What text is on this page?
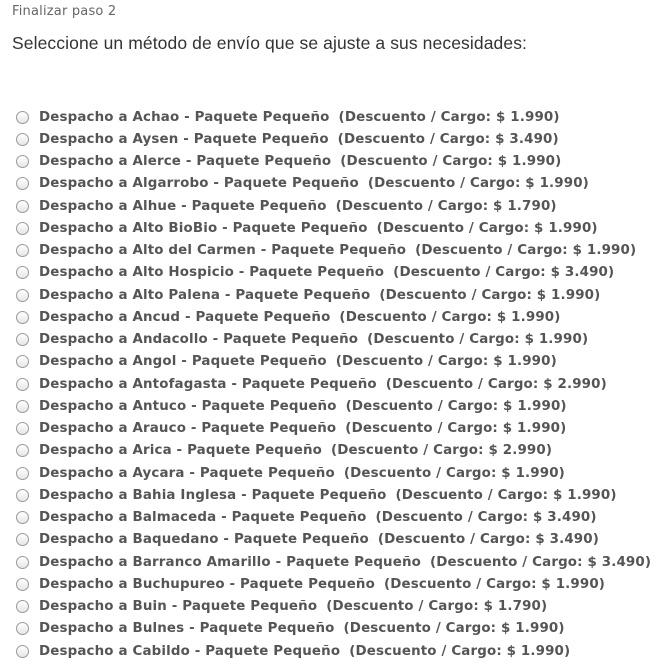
Finalizar paso 2
Seleccione un método de envío que se ajuste a sus necesidades:
Despacho a Achao - Paquete Pequeño (Descuento / Cargo: $ 1.990)
Despacho a Aysen - Paquete Pequeño (Descuento / Cargo: $ 3.490)
Despacho a Alerce - Paquete Pequeño (Descuento / Cargo: $ 1.990)
Despacho a Algarrobo - Paquete Pequeño (Descuento / Cargo: $ 1.990)
Despacho a Alhue - Paquete Pequeño (Descuento / Cargo: $ 1.790)
Despacho a Alto BioBio - Paquete Pequeño (Descuento / Cargo: $ 1.990)
Despacho a Alto del Carmen - Paquete Pequeño (Descuento / Cargo: $ 1.990)
Despacho a Alto Hospicio - Paquete Pequeño (Descuento / Cargo: $ 3.490)
Despacho a Alto Palena - Paquete Pequeño (Descuento / Cargo: $ 1.990)
Despacho a Ancud - Paquete Pequeño (Descuento / Cargo: $ 1.990)
Despacho a Andacollo - Paquete Pequeño (Descuento / Cargo: $ 1.990)
Despacho a Angol - Paquete Pequeño (Descuento / Cargo: $ 1.990)
Despacho a Antofagasta - Paquete Pequeño (Descuento / Cargo: $ 2.990)
Despacho a Antuco - Paquete Pequeño (Descuento / Cargo: $ 1.990)
Despacho a Arauco - Paquete Pequeño (Descuento / Cargo: $ 1.990)
Despacho a Arica - Paquete Pequeño (Descuento / Cargo: $ 2.990)
Despacho a Aycara - Paquete Pequeño (Descuento / Cargo: $ 1.990)
Despacho a Bahia Inglesa - Paquete Pequeño (Descuento / Cargo: $ 1.990)
Despacho a Balmaceda - Paquete Pequeño (Descuento / Cargo: $ 3.490)
Despacho a Baquedano - Paquete Pequeño (Descuento / Cargo: $ 3.490)
Despacho a Barranco Amarillo - Paquete Pequeño (Descuento / Cargo: $ 3.490)
Despacho a Buchupureo - Paquete Pequeño (Descuento / Cargo: $ 1.990)
Despacho a Buin - Paquete Pequeño (Descuento / Cargo: $ 1.790)
Despacho a Bulnes - Paquete Pequeño (Descuento / Cargo: $ 1.990)
Despacho a Cabildo - Paquete Pequeño (Descuento / Cargo: $ 1.990)
